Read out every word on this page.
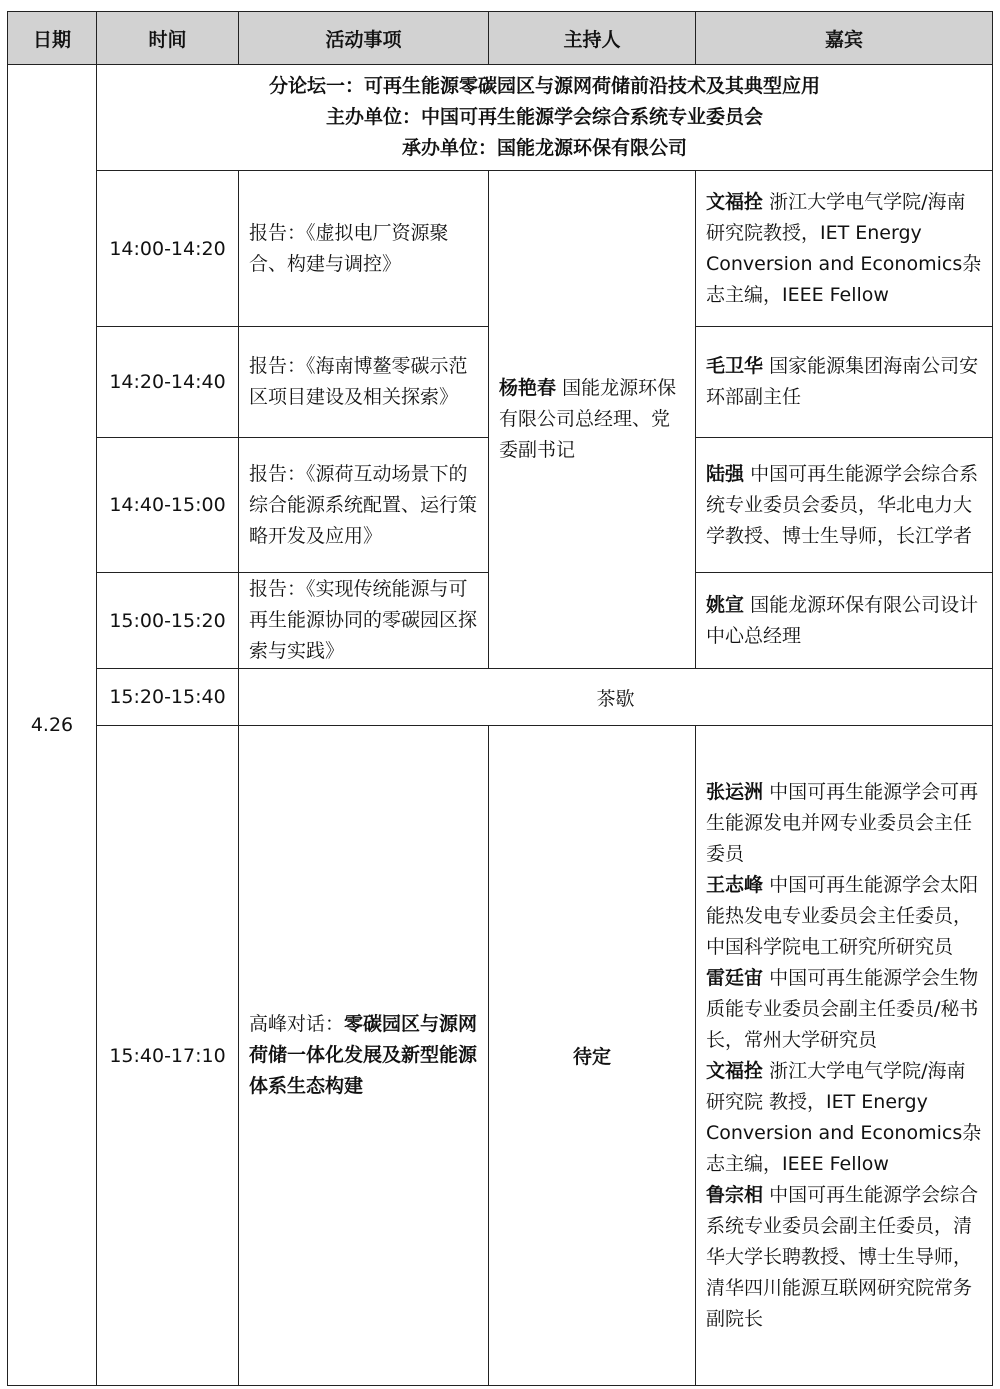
日期	时间	活动事项	主持人	嘉宾
4.26	分论坛一：可再生能源零碳园区与源网荷储前沿技术及其典型应用
主办单位：中国可再生能源学会综合系统专业委员会
承办单位：国能龙源环保有限公司			

	14:00-14:20	报告：《虚拟电厂资源聚合、构建与调控》	杨艳春 国能龙源环保有限公司总经理、党委副书记	文福拴 浙江大学电气学院/海南研究院教授，IET Energy Conversion and Economics杂志主编，IEEE Fellow
	14:20-14:40	报告：《海南博鳌零碳示范区项目建设及相关探索》		毛卫华 国家能源集团海南公司安环部副主任
	14:40-15:00	报告：《源荷互动场景下的综合能源系统配置、运行策略开发及应用》		陆强 中国可再生能源学会综合系统专业委员会委员，华北电力大学教授、博士生导师，长江学者
	15:00-15:20	报告：《实现传统能源与可再生能源协同的零碳园区探索与实践》		姚宣 国能龙源环保有限公司设计中心总经理
	15:20-15:40	茶歇		
	15:40-17:10	高峰对话：零碳园区与源网荷储一体化发展及新型能源体系生态构建	待定	张运洲 中国可再生能源学会可再生能源发电并网专业委员会主任委员
王志峰 中国可再生能源学会太阳能热发电专业委员会主任委员，中国科学院电工研究所研究员
雷廷宙 中国可再生能源学会生物质能专业委员会副主任委员/秘书长，常州大学研究员
文福拴 浙江大学电气学院/海南研究院 教授，IET Energy Conversion and Economics杂志主编，IEEE Fellow
鲁宗相 中国可再生能源学会综合系统专业委员会副主任委员，清华大学长聘教授、博士生导师，清华四川能源互联网研究院常务副院长
